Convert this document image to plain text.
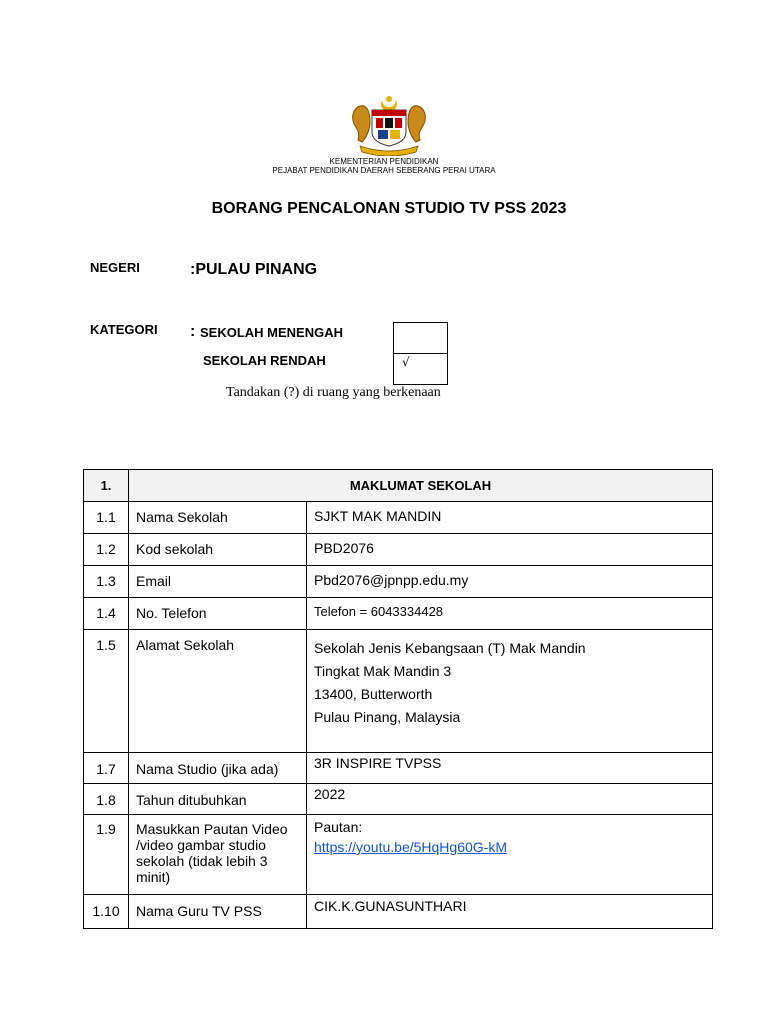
KEMENTERIAN PENDIDIKAN
PEJABAT PENDIDIKAN DAERAH SEBERANG PERAI UTARA
BORANG PENCALONAN STUDIO TV PSS 2023
NEGERI	:PULAU PINANG
KATEGORI : SEKOLAH MENENGAH
SEKOLAH RENDAH	√
Tandakan (?) di ruang yang berkenaan
1.	MAKLUMAT SEKOLAH	
1.1	Nama Sekolah	SJKT MAK MANDIN
1.2	Kod sekolah	PBD2076
1.3	Email	Pbd2076@jpnpp.edu.my
1.4	No. Telefon	Telefon = 6043334428
1.5	Alamat Sekolah	Sekolah Jenis Kebangsaan (T) Mak Mandin
Tingkat Mak Mandin 3
13400, Butterworth
Pulau Pinang, Malaysia

1.7	Nama Studio (jika ada)	3R INSPIRE TVPSS
1.8	Tahun ditubuhkan	2022
1.9	Masukkan Pautan Video /video gambar studio sekolah (tidak lebih 3 minit)	Pautan:
https://youtu.be/5HqHg60G-kM
1.10	Nama Guru TV PSS	CIK.K.GUNASUNTHARI
